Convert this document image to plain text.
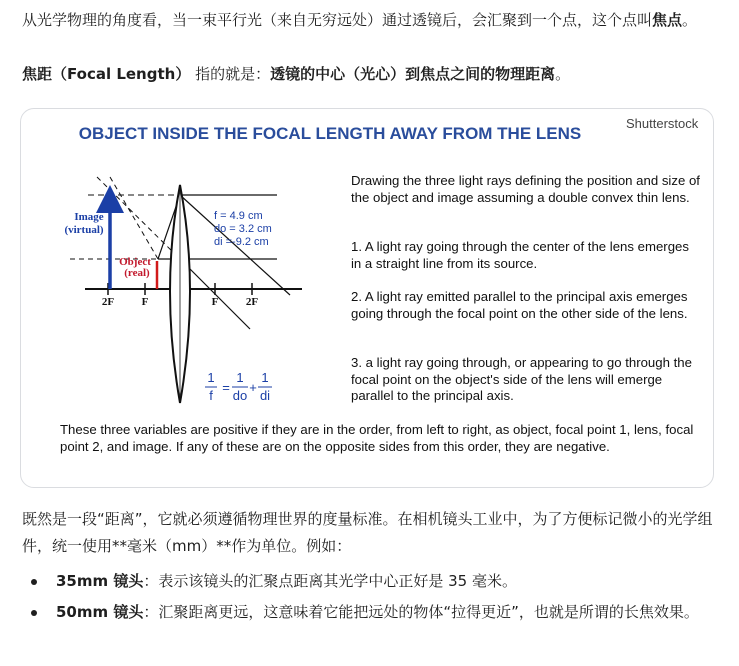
从光学物理的角度看，当一束平行光（来自无穷远处）通过透镜后，会汇聚到一个点，这个点叫焦点。

焦距（Focal Length） 指的就是：透镜的中心（光心）到焦点之间的物理距离。

Image
(virtual)
Object
(real)
f = 4.9 cm
do = 3.2 cm
di =-9.2 cm
2F	F	F	2F
1
f
=
1
do
+
1
di
OBJECT INSIDE THE FOCAL LENGTH AWAY FROM THE LENS
Shutterstock
Drawing the three light rays defining the position and size of the object and image assuming a double convex thin lens.
1. A light ray going through the center of the lens emerges in a straight line from its source.
2. A light ray emitted parallel to the principal axis emerges going through the focal point on the other side of the lens.
3. a light ray going through, or appearing to go through the focal point on the object's side of the lens will emerge parallel to the principal axis.
These three variables are positive if they are in the order, from left to right, as object, focal point 1, lens, focal point 2, and image. If any of these are on the opposite sides from this order, they are negative.

既然是一段“距离”，它就必须遵循物理世界的度量标准。在相机镜头工业中，为了方便标记微小的光学组件，统一使用**毫米（mm）**作为单位。例如：

35mm 镜头：表示该镜头的汇聚点距离其光学中心正好是 35 毫米。
50mm 镜头：汇聚距离更远，这意味着它能把远处的物体“拉得更近”，也就是所谓的长焦效果。
